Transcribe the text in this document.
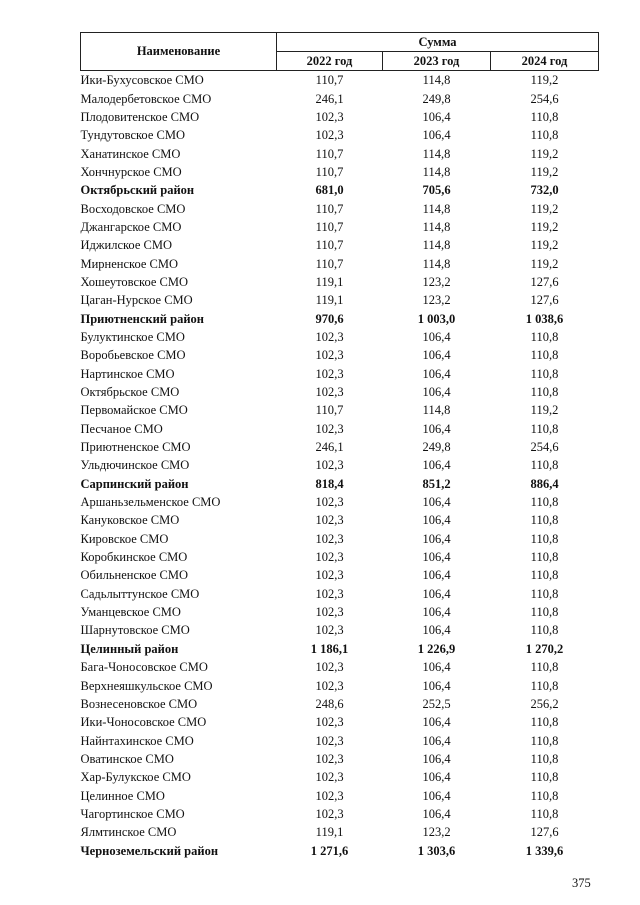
Наименование	Сумма		
	2022 год	2023 год	2024 год
Ики-Бухусовское СМО	110,7	114,8	119,2
Малодербетовское СМО	246,1	249,8	254,6
Плодовитенское СМО	102,3	106,4	110,8
Тундутовское СМО	102,3	106,4	110,8
Ханатинское СМО	110,7	114,8	119,2
Хончнурское СМО	110,7	114,8	119,2
Октябрьский район	681,0	705,6	732,0
Восходовское СМО	110,7	114,8	119,2
Джангарское СМО	110,7	114,8	119,2
Иджилское СМО	110,7	114,8	119,2
Мирненское СМО	110,7	114,8	119,2
Хошеутовское СМО	119,1	123,2	127,6
Цаган-Нурское СМО	119,1	123,2	127,6
Приютненский район	970,6	1 003,0	1 038,6
Булуктинское СМО	102,3	106,4	110,8
Воробьевское СМО	102,3	106,4	110,8
Нартинское СМО	102,3	106,4	110,8
Октябрьское СМО	102,3	106,4	110,8
Первомайское СМО	110,7	114,8	119,2
Песчаное СМО	102,3	106,4	110,8
Приютненское СМО	246,1	249,8	254,6
Ульдючинское СМО	102,3	106,4	110,8
Сарпинский район	818,4	851,2	886,4
Аршаньзельменское СМО	102,3	106,4	110,8
Кануковское СМО	102,3	106,4	110,8
Кировское СМО	102,3	106,4	110,8
Коробкинское СМО	102,3	106,4	110,8
Обильненское СМО	102,3	106,4	110,8
Садьлыттунское СМО	102,3	106,4	110,8
Уманцевское СМО	102,3	106,4	110,8
Шарнутовское СМО	102,3	106,4	110,8
Целинный район	1 186,1	1 226,9	1 270,2
Бага-Чоносовское СМО	102,3	106,4	110,8
Верхнеяшкульское СМО	102,3	106,4	110,8
Вознесеновское СМО	248,6	252,5	256,2
Ики-Чоносовское СМО	102,3	106,4	110,8
Найнтахинское СМО	102,3	106,4	110,8
Оватинское СМО	102,3	106,4	110,8
Хар-Булукское СМО	102,3	106,4	110,8
Целинное СМО	102,3	106,4	110,8
Чагортинское СМО	102,3	106,4	110,8
Ялмтинское СМО	119,1	123,2	127,6
Черноземельский район	1 271,6	1 303,6	1 339,6
375
